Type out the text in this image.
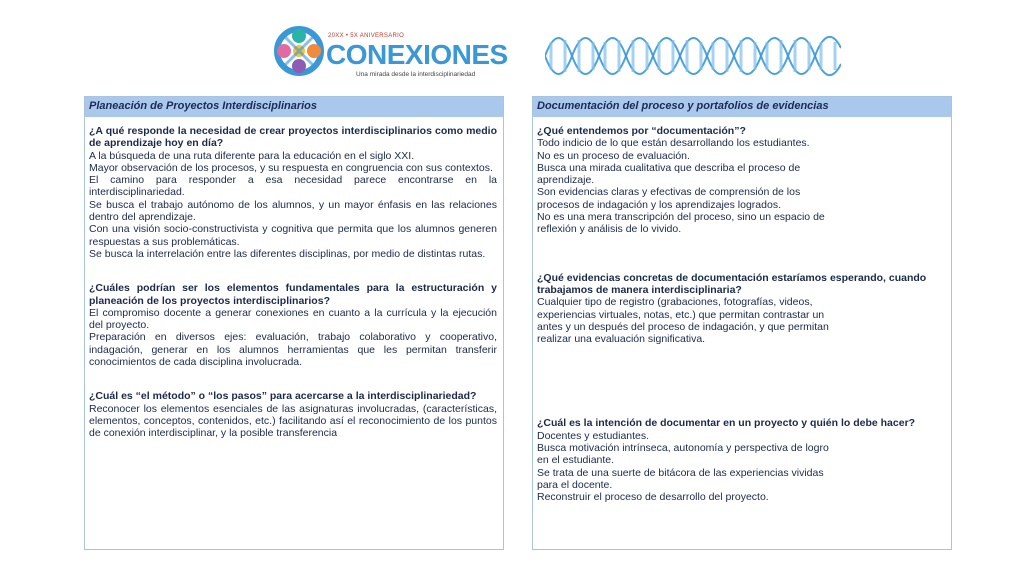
20XX • 5X ANIVERSARIO
CONEXIONES
Una mirada desde la interdisciplinariedad
Planeación de Proyectos Interdisciplinarios
¿A qué responde la necesidad de crear proyectos interdisciplinarios como medio de aprendizaje hoy en día?
A la búsqueda de una ruta diferente para la educación en el siglo XXI.
Mayor observación de los procesos, y su respuesta en congruencia con sus contextos.
El camino para responder a esa necesidad parece encontrarse en la interdisciplinariedad.
Se busca el trabajo autónomo de los alumnos, y un mayor énfasis en las relaciones dentro del aprendizaje.
Con una visión socio-constructivista y cognitiva que permita que los alumnos generen respuestas a sus problemáticas.
Se busca la interrelación entre las diferentes disciplinas, por medio de distintas rutas.
¿Cuáles podrían ser los elementos fundamentales para la estructuración y planeación de los proyectos interdisciplinarios?
El compromiso docente a generar conexiones en cuanto a la currícula y la ejecución del proyecto.
Preparación en diversos ejes: evaluación, trabajo colaborativo y cooperativo, indagación, generar en los alumnos herramientas que les permitan transferir conocimientos de cada disciplina involucrada.
¿Cuál es “el método” o “los pasos” para acercarse a la interdisciplinariedad?
Reconocer los elementos esenciales de las asignaturas involucradas, (características, elementos, conceptos, contenidos, etc.) facilitando así el reconocimiento de los puntos de conexión interdisciplinar, y la posible transferencia
Documentación del proceso y portafolios de evidencias
¿Qué entendemos por “documentación”?
Todo indicio de lo que están desarrollando los estudiantes.
No es un proceso de evaluación.
Busca una mirada cualitativa que describa el proceso de
aprendizaje.
Son evidencias claras y efectivas de comprensión de los
procesos de indagación y los aprendizajes logrados.
No es una mera transcripción del proceso, sino un espacio de
reflexión y análisis de lo vivido.
¿Qué evidencias concretas de documentación estaríamos esperando, cuando trabajamos de manera interdisciplinaria?
Cualquier tipo de registro (grabaciones, fotografías, videos,
experiencias virtuales, notas, etc.) que permitan contrastar un
antes y un después del proceso de indagación, y que permitan
realizar una evaluación significativa.
¿Cuál es la intención de documentar en un proyecto y quién lo debe hacer?
Docentes y estudiantes.
Busca motivación intrínseca, autonomía y perspectiva de logro
en el estudiante.
Se trata de una suerte de bitácora de las experiencias vividas
para el docente.
Reconstruir el proceso de desarrollo del proyecto.
